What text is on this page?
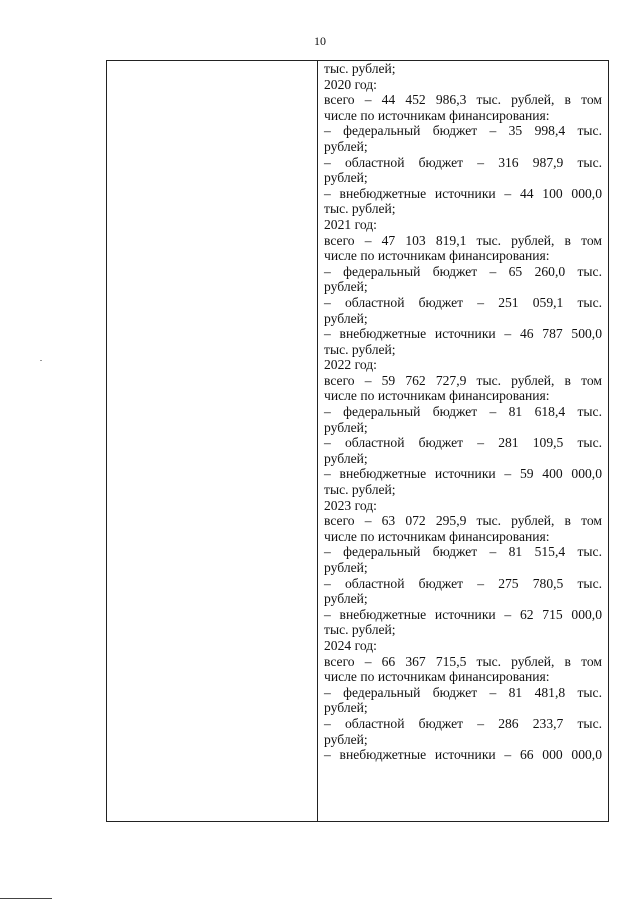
10
тыс. рублей;
2020 год:
всего – 44 452 986,3 тыс. рублей, в том
числе по источникам финансирования:
– федеральный бюджет – 35 998,4 тыс.
рублей;
– областной бюджет – 316 987,9 тыс.
рублей;
– внебюджетные источники – 44 100 000,0
тыс. рублей;
2021 год:
всего – 47 103 819,1 тыс. рублей, в том
числе по источникам финансирования:
– федеральный бюджет – 65 260,0 тыс.
рублей;
– областной бюджет – 251 059,1 тыс.
рублей;
– внебюджетные источники – 46 787 500,0
тыс. рублей;
2022 год:
всего – 59 762 727,9 тыс. рублей, в том
числе по источникам финансирования:
– федеральный бюджет – 81 618,4 тыс.
рублей;
– областной бюджет – 281 109,5 тыс.
рублей;
– внебюджетные источники – 59 400 000,0
тыс. рублей;
2023 год:
всего – 63 072 295,9 тыс. рублей, в том
числе по источникам финансирования:
– федеральный бюджет – 81 515,4 тыс.
рублей;
– областной бюджет – 275 780,5 тыс.
рублей;
– внебюджетные источники – 62 715 000,0
тыс. рублей;
2024 год:
всего – 66 367 715,5 тыс. рублей, в том
числе по источникам финансирования:
– федеральный бюджет – 81 481,8 тыс.
рублей;
– областной бюджет – 286 233,7 тыс.
рублей;
– внебюджетные источники – 66 000 000,0
